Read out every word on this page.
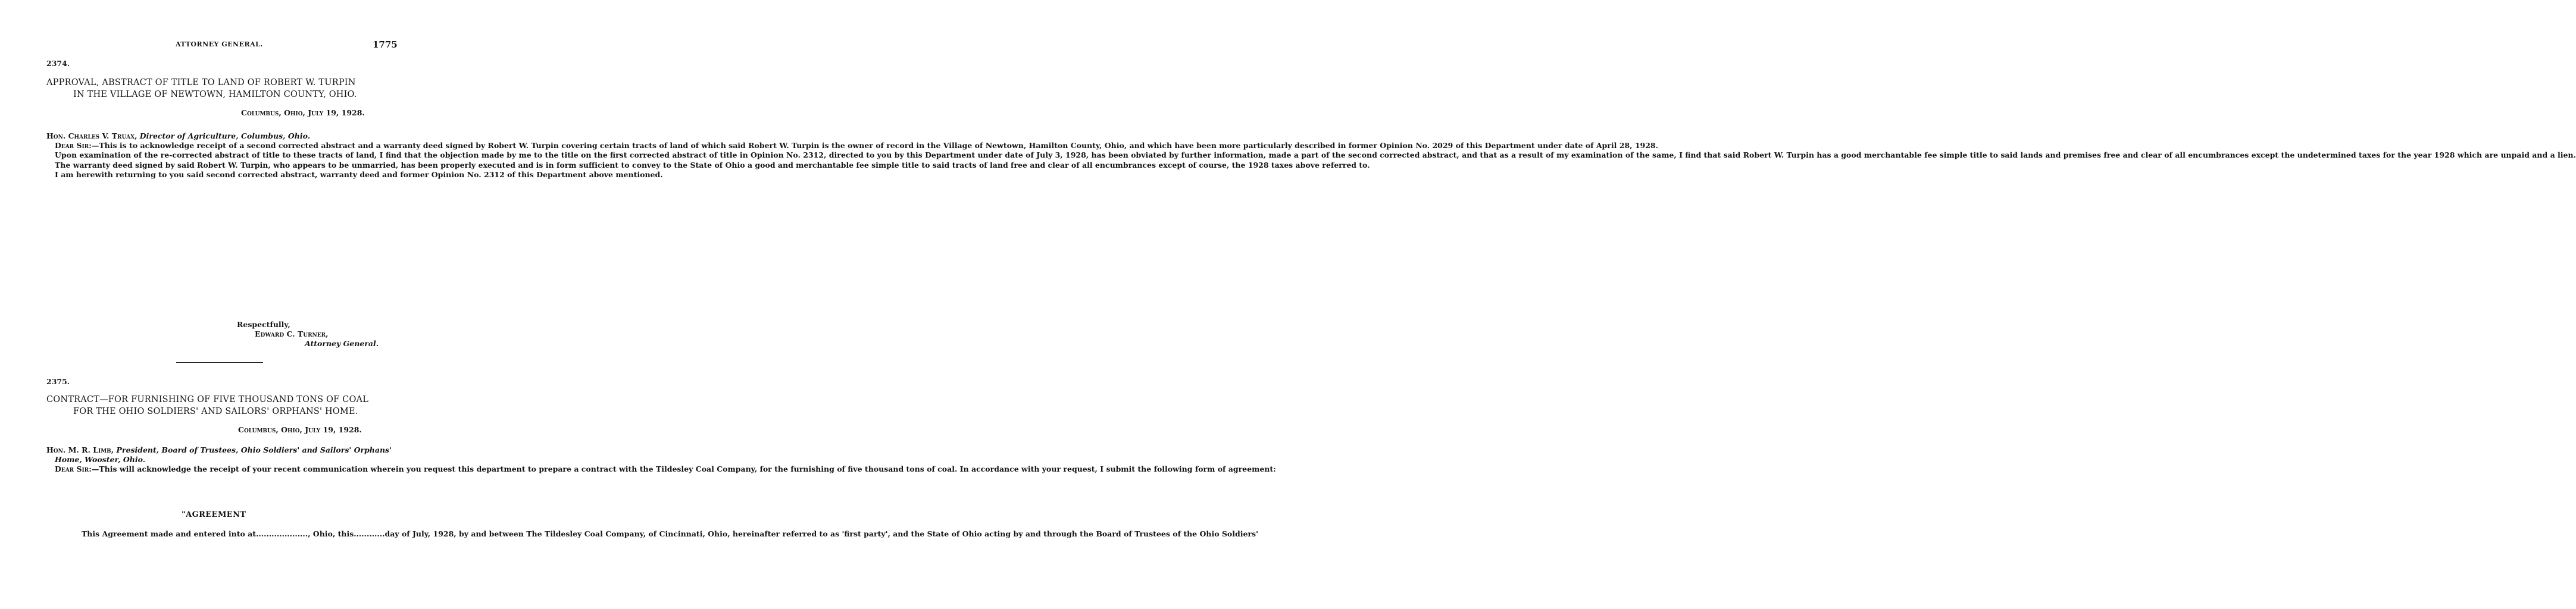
ATTORNEY GENERAL.	1775
2374.
APPROVAL, ABSTRACT OF TITLE TO LAND OF ROBERT W. TURPIN
IN THE VILLAGE OF NEWTOWN, HAMILTON COUNTY, OHIO.
Columbus, Ohio, July 19, 1928.

Hon. Charles V. Truax, Director of Agriculture, Columbus, Ohio.

Dear Sir:—This is to acknowledge receipt of a second corrected abstract and a warranty deed signed by Robert W. Turpin covering certain tracts of land of which said Robert W. Turpin is the owner of record in the Village of Newtown, Hamilton County, Ohio, and which have been more particularly described in former Opinion No. 2029 of this Department under date of April 28, 1928.

Upon examination of the re-corrected abstract of title to these tracts of land, I find that the objection made by me to the title on the first corrected abstract of title in Opinion No. 2312, directed to you by this Department under date of July 3, 1928, has been obviated by further information, made a part of the second corrected abstract, and that as a result of my examination of the same, I find that said Robert W. Turpin has a good merchantable fee simple title to said lands and premises free and clear of all encumbrances except the undetermined taxes for the year 1928 which are unpaid and a lien.

The warranty deed signed by said Robert W. Turpin, who appears to be unmarried, has been properly executed and is in form sufficient to convey to the State of Ohio a good and merchantable fee simple title to said tracts of land free and clear of all encumbrances except of course, the 1928 taxes above referred to.

I am herewith returning to you said second corrected abstract, warranty deed and former Opinion No. 2312 of this Department above mentioned.

Respectfully,
Edward C. Turner,
Attorney General.
2375.
CONTRACT—FOR FURNISHING OF FIVE THOUSAND TONS OF COAL
FOR THE OHIO SOLDIERS' AND SAILORS' ORPHANS' HOME.
Columbus, Ohio, July 19, 1928.

Hon. M. R. Limb, President, Board of Trustees, Ohio Soldiers' and Sailors' Orphans'

Home, Wooster, Ohio.

Dear Sir:—This will acknowledge the receipt of your recent communication wherein you request this department to prepare a contract with the Tildesley Coal Company, for the furnishing of five thousand tons of coal. In accordance with your request, I submit the following form of agreement:

"AGREEMENT

This Agreement made and entered into at...................., Ohio, this............day of July, 1928, by and between The Tildesley Coal Company, of Cincinnati, Ohio, hereinafter referred to as 'first party', and the State of Ohio acting by and through the Board of Trustees of the Ohio Soldiers'
